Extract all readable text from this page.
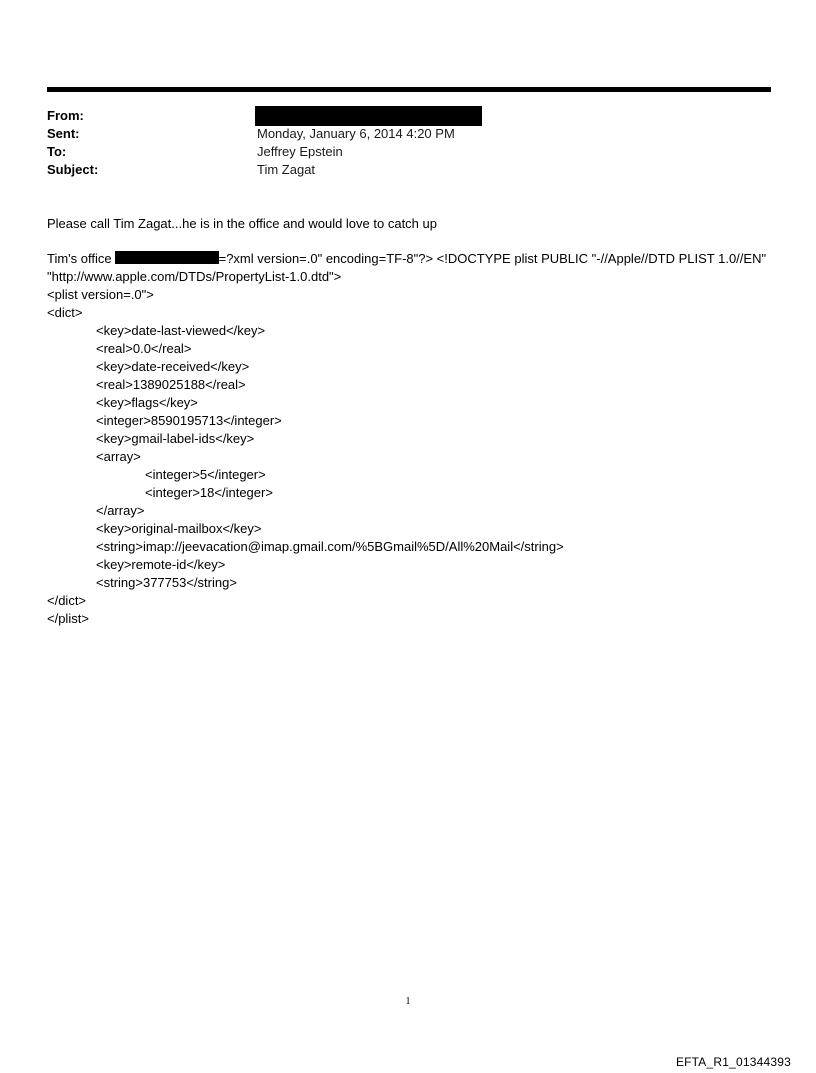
From:
Sent:	Monday, January 6, 2014 4:20 PM
To:	Jeffrey Epstein
Subject:	Tim Zagat

Please call Tim Zagat...he is in the office and would love to catch up

Tim's office	=?xml version=.0" encoding=TF-8"?> <!DOCTYPE plist PUBLIC "-//Apple//DTD PLIST 1.0//EN"
"http://www.apple.com/DTDs/PropertyList-1.0.dtd">
<plist version=.0">
<dict>
<key>date-last-viewed</key>
<real>0.0</real>
<key>date-received</key>
<real>1389025188</real>
<key>flags</key>
<integer>8590195713</integer>
<key>gmail-label-ids</key>
<array>
<integer>5</integer>
<integer>18</integer>
</array>
<key>original-mailbox</key>
<string>imap://jeevacation@imap.gmail.com/%5BGmail%5D/All%20Mail</string>
<key>remote-id</key>
<string>377753</string>
</dict>
</plist>
1
EFTA_R1_01344393
